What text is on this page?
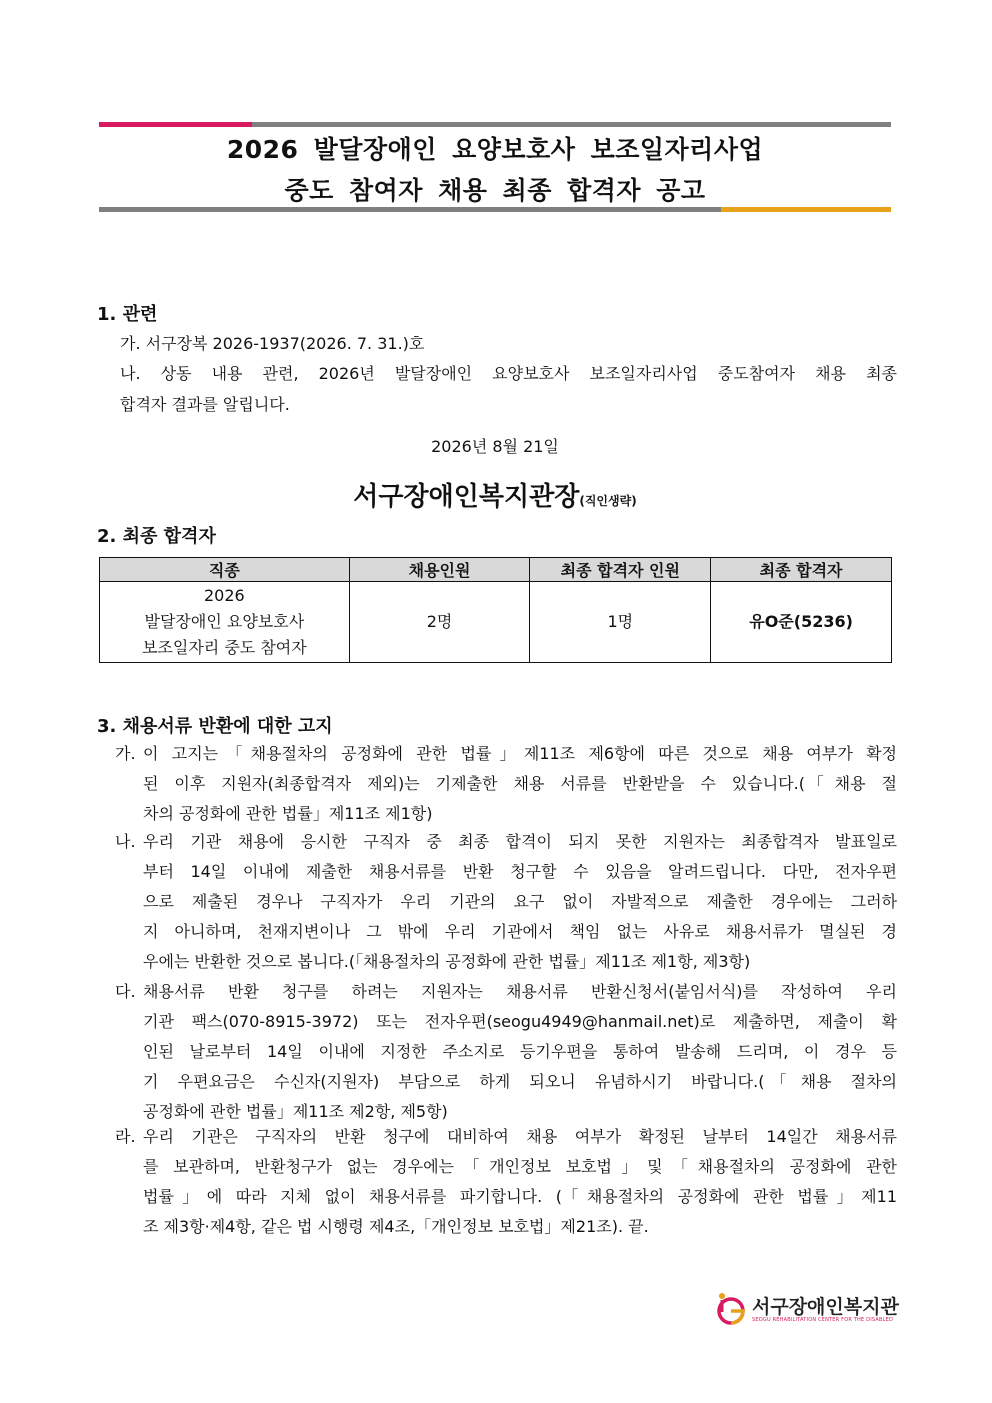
2026 발달장애인 요양보호사 보조일자리사업
중도 참여자 채용 최종 합격자 공고
1. 관련
가. 서구장복 2026-1937(2026. 7. 31.)호
나. 상동 내용 관련, 2026년 발달장애인 요양보호사 보조일자리사업 중도참여자 채용 최종
합격자 결과를 알립니다.
2026년 8월 21일
서구장애인복지관장(직인생략)
2. 최종 합격자
직종	채용인원	최종 합격자 인원	최종 합격자

2026
발달장애인 요양보호사
보조일자리 중도 참여자	2명	1명	유O준(5236)
3. 채용서류 반환에 대한 고지
가. 이 고지는「채용절차의 공정화에 관한 법률」제11조 제6항에 따른 것으로 채용 여부가 확정
된 이후 지원자(최종합격자 제외)는 기제출한 채용 서류를 반환받을 수 있습니다.(「채용 절
차의 공정화에 관한 법률」제11조 제1항)
나. 우리 기관 채용에 응시한 구직자 중 최종 합격이 되지 못한 지원자는 최종합격자 발표일로
부터 14일 이내에 제출한 채용서류를 반환 청구할 수 있음을 알려드립니다. 다만, 전자우편
으로 제출된 경우나 구직자가 우리 기관의 요구 없이 자발적으로 제출한 경우에는 그러하
지 아니하며, 천재지변이나 그 밖에 우리 기관에서 책임 없는 사유로 채용서류가 멸실된 경
우에는 반환한 것으로 봅니다.(「채용절차의 공정화에 관한 법률」제11조 제1항, 제3항)
다. 채용서류 반환 청구를 하려는 지원자는 채용서류 반환신청서(붙임서식)를 작성하여 우리
기관 팩스(070-8915-3972) 또는 전자우편(seogu4949@hanmail.net)로 제출하면, 제출이 확
인된 날로부터 14일 이내에 지정한 주소지로 등기우편을 통하여 발송해 드리며, 이 경우 등
기 우편요금은 수신자(지원자) 부담으로 하게 되오니 유념하시기 바랍니다.(「채용 절차의
공정화에 관한 법률」제11조 제2항, 제5항)
라. 우리 기관은 구직자의 반환 청구에 대비하여 채용 여부가 확정된 날부터 14일간 채용서류
를 보관하며, 반환청구가 없는 경우에는「개인정보 보호법」및「채용절차의 공정화에 관한
법률」에 따라 지체 없이 채용서류를 파기합니다. (「채용절차의 공정화에 관한 법률」제11
조 제3항·제4항, 같은 법 시행령 제4조,「개인정보 보호법」제21조). 끝.
서구장애인복지관
SEOGU REHABILITATION CENTER FOR THE DISABLED
